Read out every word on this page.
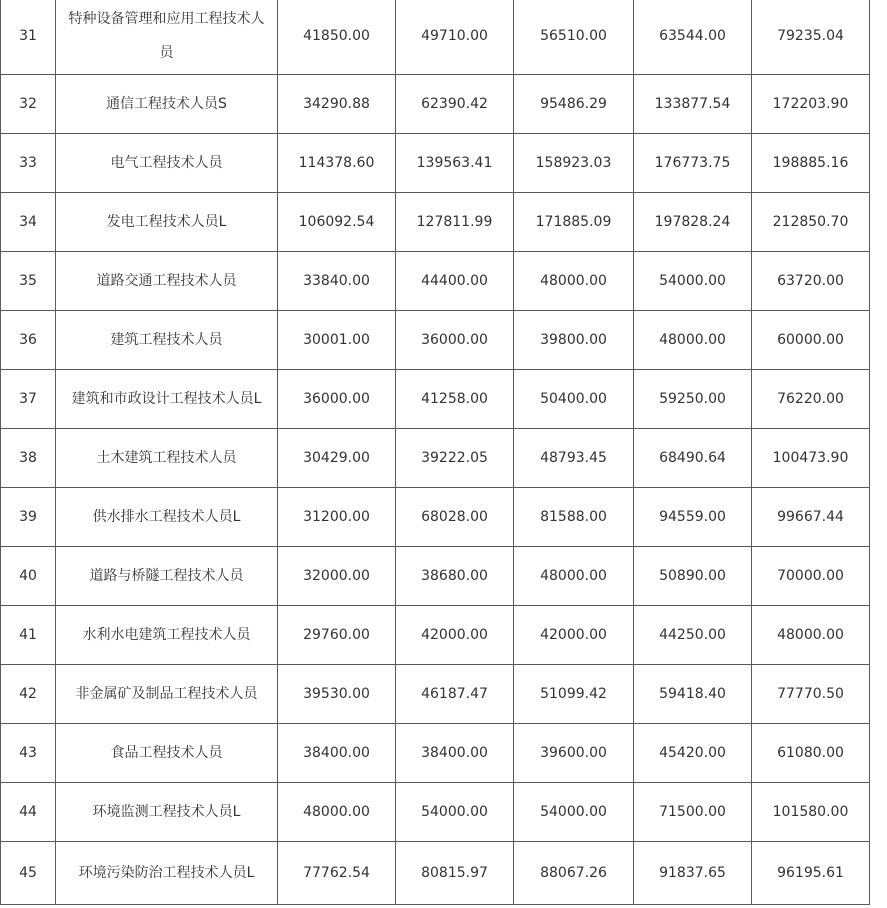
31	特种设备管理和应用工程技术人员	41850.00	49710.00	56510.00	63544.00	79235.04
32	通信工程技术人员S	34290.88	62390.42	95486.29	133877.54	172203.90
33	电气工程技术人员	114378.60	139563.41	158923.03	176773.75	198885.16
34	发电工程技术人员L	106092.54	127811.99	171885.09	197828.24	212850.70
35	道路交通工程技术人员	33840.00	44400.00	48000.00	54000.00	63720.00
36	建筑工程技术人员	30001.00	36000.00	39800.00	48000.00	60000.00
37	建筑和市政设计工程技术人员L	36000.00	41258.00	50400.00	59250.00	76220.00
38	土木建筑工程技术人员	30429.00	39222.05	48793.45	68490.64	100473.90
39	供水排水工程技术人员L	31200.00	68028.00	81588.00	94559.00	99667.44
40	道路与桥隧工程技术人员	32000.00	38680.00	48000.00	50890.00	70000.00
41	水利水电建筑工程技术人员	29760.00	42000.00	42000.00	44250.00	48000.00
42	非金属矿及制品工程技术人员	39530.00	46187.47	51099.42	59418.40	77770.50
43	食品工程技术人员	38400.00	38400.00	39600.00	45420.00	61080.00
44	环境监测工程技术人员L	48000.00	54000.00	54000.00	71500.00	101580.00
45	环境污染防治工程技术人员L	77762.54	80815.97	88067.26	91837.65	96195.61
